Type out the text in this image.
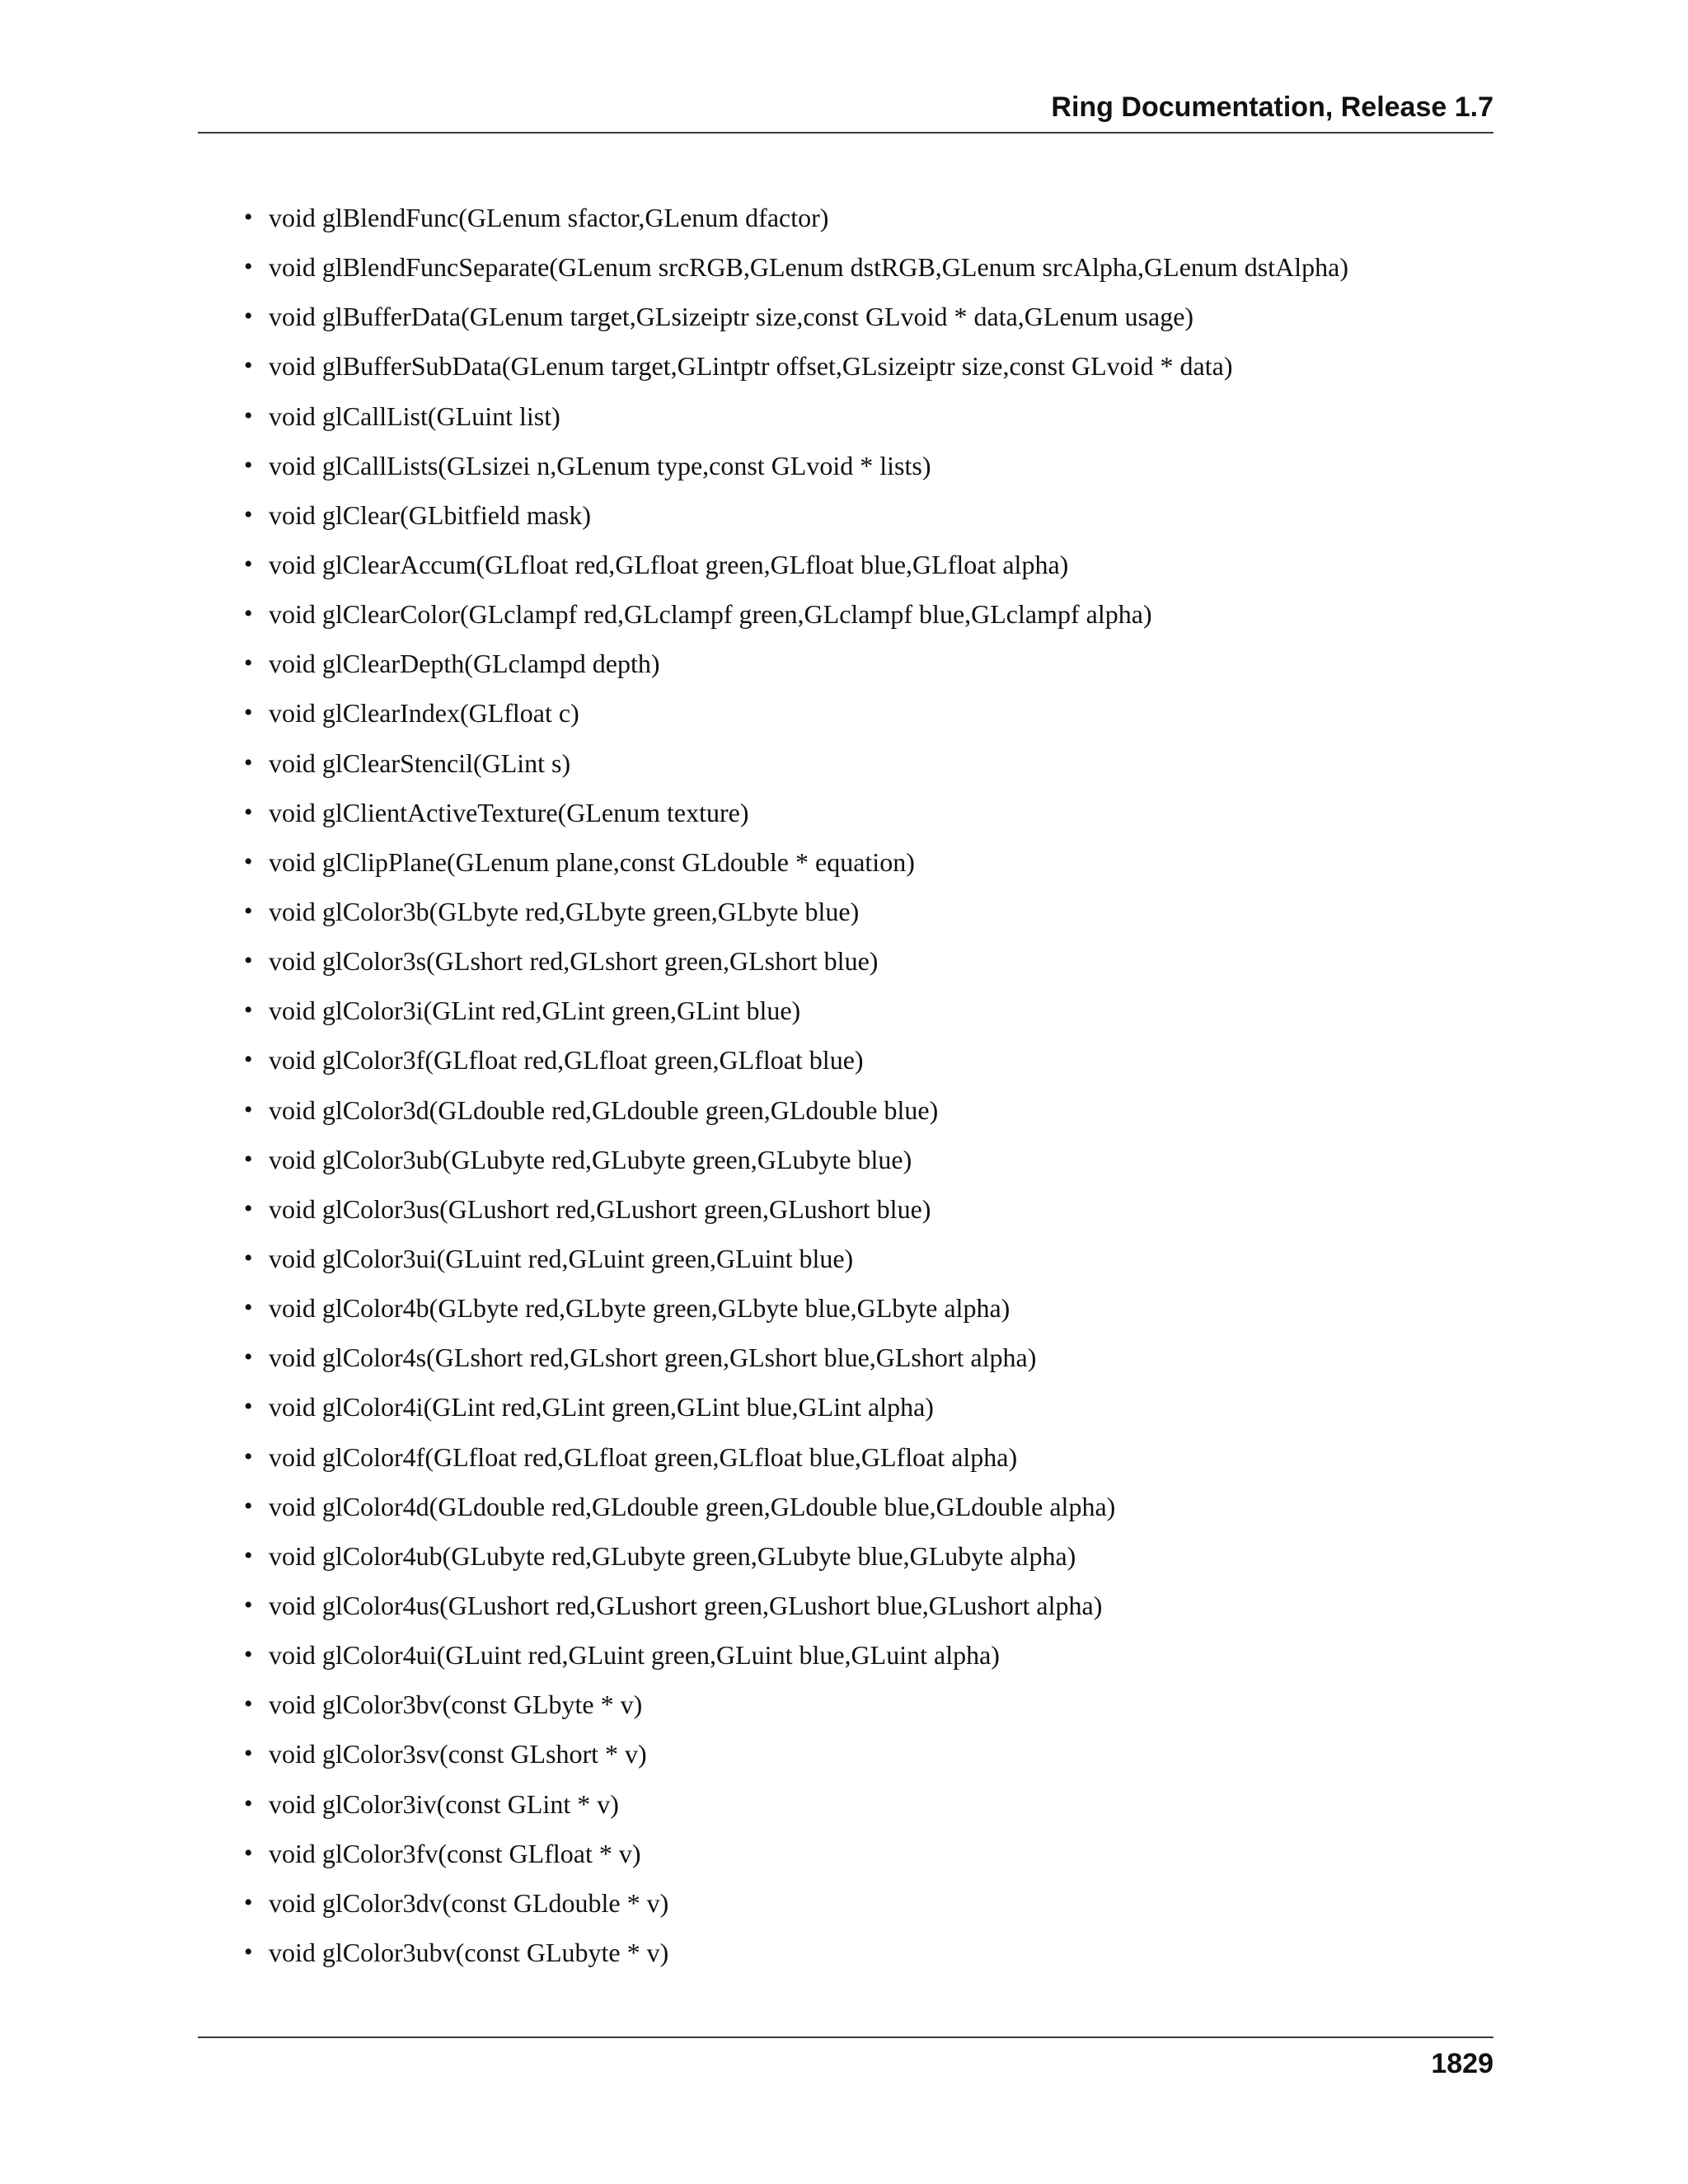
Ring Documentation, Release 1.7
• void glBlendFunc(GLenum sfactor,GLenum dfactor)
• void glBlendFuncSeparate(GLenum srcRGB,GLenum dstRGB,GLenum srcAlpha,GLenum dstAlpha)
• void glBufferData(GLenum target,GLsizeiptr size,const GLvoid * data,GLenum usage)
• void glBufferSubData(GLenum target,GLintptr offset,GLsizeiptr size,const GLvoid * data)
• void glCallList(GLuint list)
• void glCallLists(GLsizei n,GLenum type,const GLvoid * lists)
• void glClear(GLbitfield mask)
• void glClearAccum(GLfloat red,GLfloat green,GLfloat blue,GLfloat alpha)
• void glClearColor(GLclampf red,GLclampf green,GLclampf blue,GLclampf alpha)
• void glClearDepth(GLclampd depth)
• void glClearIndex(GLfloat c)
• void glClearStencil(GLint s)
• void glClientActiveTexture(GLenum texture)
• void glClipPlane(GLenum plane,const GLdouble * equation)
• void glColor3b(GLbyte red,GLbyte green,GLbyte blue)
• void glColor3s(GLshort red,GLshort green,GLshort blue)
• void glColor3i(GLint red,GLint green,GLint blue)
• void glColor3f(GLfloat red,GLfloat green,GLfloat blue)
• void glColor3d(GLdouble red,GLdouble green,GLdouble blue)
• void glColor3ub(GLubyte red,GLubyte green,GLubyte blue)
• void glColor3us(GLushort red,GLushort green,GLushort blue)
• void glColor3ui(GLuint red,GLuint green,GLuint blue)
• void glColor4b(GLbyte red,GLbyte green,GLbyte blue,GLbyte alpha)
• void glColor4s(GLshort red,GLshort green,GLshort blue,GLshort alpha)
• void glColor4i(GLint red,GLint green,GLint blue,GLint alpha)
• void glColor4f(GLfloat red,GLfloat green,GLfloat blue,GLfloat alpha)
• void glColor4d(GLdouble red,GLdouble green,GLdouble blue,GLdouble alpha)
• void glColor4ub(GLubyte red,GLubyte green,GLubyte blue,GLubyte alpha)
• void glColor4us(GLushort red,GLushort green,GLushort blue,GLushort alpha)
• void glColor4ui(GLuint red,GLuint green,GLuint blue,GLuint alpha)
• void glColor3bv(const GLbyte * v)
• void glColor3sv(const GLshort * v)
• void glColor3iv(const GLint * v)
• void glColor3fv(const GLfloat * v)
• void glColor3dv(const GLdouble * v)
• void glColor3ubv(const GLubyte * v)
1829
